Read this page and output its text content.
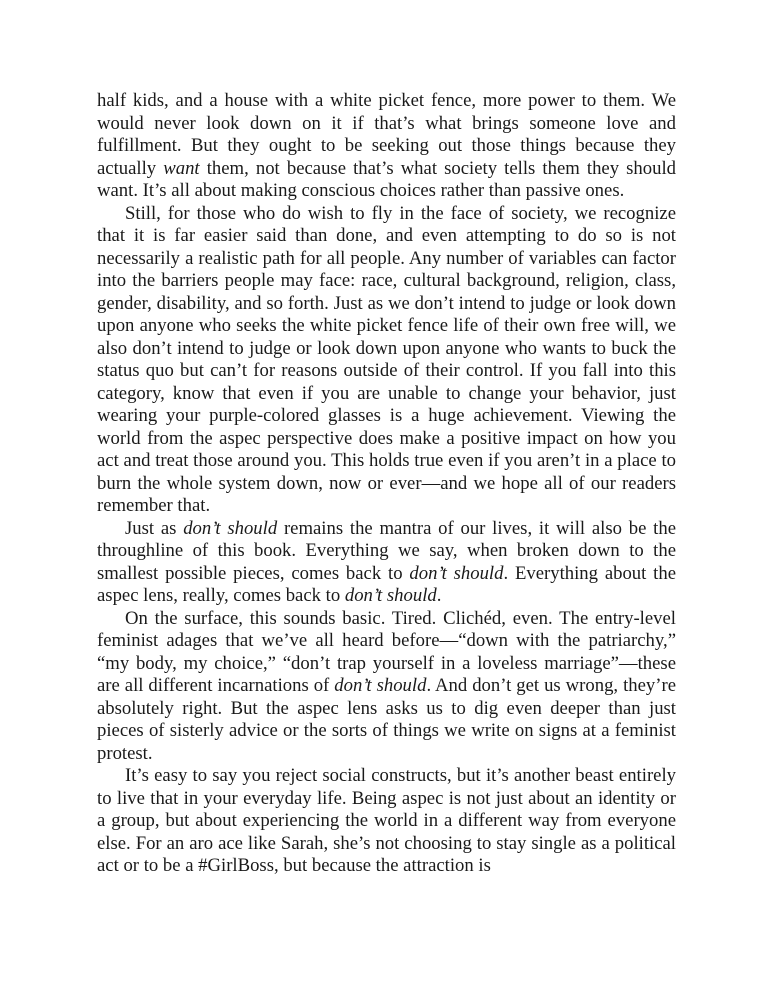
half kids, and a house with a white picket fence, more power to them. We would never look down on it if that’s what brings someone love and fulfillment. But they ought to be seeking out those things because they actually want them, not because that’s what society tells them they should want. It’s all about making conscious choices rather than passive ones.

Still, for those who do wish to fly in the face of society, we recognize that it is far easier said than done, and even attempting to do so is not necessarily a realistic path for all people. Any number of variables can factor into the barriers people may face: race, cultural background, religion, class, gender, disability, and so forth. Just as we don’t intend to judge or look down upon anyone who seeks the white picket fence life of their own free will, we also don’t intend to judge or look down upon anyone who wants to buck the status quo but can’t for reasons outside of their control. If you fall into this category, know that even if you are unable to change your behavior, just wearing your purple-colored glasses is a huge achievement. Viewing the world from the aspec perspective does make a positive impact on how you act and treat those around you. This holds true even if you aren’t in a place to burn the whole system down, now or ever—and we hope all of our readers remember that.

Just as don’t should remains the mantra of our lives, it will also be the throughline of this book. Everything we say, when broken down to the smallest possible pieces, comes back to don’t should. Everything about the aspec lens, really, comes back to don’t should.

On the surface, this sounds basic. Tired. Clichéd, even. The entry-level feminist adages that we’ve all heard before—“down with the patriarchy,” “my body, my choice,” “don’t trap yourself in a loveless marriage”—these are all different incarnations of don’t should. And don’t get us wrong, they’re absolutely right. But the aspec lens asks us to dig even deeper than just pieces of sisterly advice or the sorts of things we write on signs at a feminist protest.

It’s easy to say you reject social constructs, but it’s another beast entirely to live that in your everyday life. Being aspec is not just about an identity or a group, but about experiencing the world in a different way from everyone else. For an aro ace like Sarah, she’s not choosing to stay single as a political act or to be a #GirlBoss, but because the attraction is
